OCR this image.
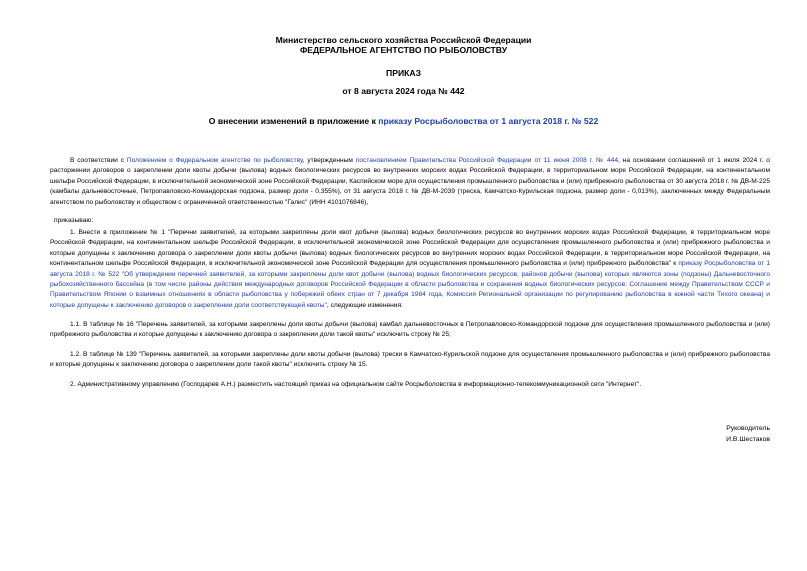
Министерство сельского хозяйства Российской Федерации
ФЕДЕРАЛЬНОЕ АГЕНТСТВО ПО РЫБОЛОВСТВУ
ПРИКАЗ
от 8 августа 2024 года № 442
О внесении изменений в приложение к приказу Росрыболовства от 1 августа 2018 г. № 522
В соответствии с Положением о Федеральном агентстве по рыболовству, утвержденным постановлением Правительства Российской Федерации от 11 июня 2008 г. № 444, на основании соглашений от 1 июля 2024 г. о расторжении договоров о закреплении доли квоты добычи (вылова) водных биологических ресурсов во внутренних морских водах Российской Федерации, в территориальном море Российской Федерации, на континентальном шельфе Российской Федерации, в исключительной экономической зоне Российской Федерации, Каспийском море для осуществления промышленного рыболовства и (или) прибрежного рыболовства от 30 августа 2018 г. № ДВ-М-225 (камбалы дальневосточные, Петропавловско-Командорская подзона, размер доли - 0,355%), от 31 августа 2018 г. № ДВ-М-2039 (треска, Камчатско-Курильская подзона, размер доли - 0,013%), заключенных между Федеральным агентством по рыболовству и обществом с ограниченной ответственностью "Галис" (ИНН 4101076846),
приказываю:
1. Внести в приложение № 1 "Перечни заявителей, за которыми закреплены доли квот добычи (вылова) водных биологических ресурсов во внутренних морских водах Российской Федерации, в территориальном море Российской Федерации, на континентальном шельфе Российской Федерации, в исключительной экономической зоне Российской Федерации для осуществления промышленного рыболовства и (или) прибрежного рыболовства и которые допущены к заключению договора о закреплении доли квоты добычи (вылова) водных биологических ресурсов во внутренних морских водах Российской Федерации, в территориальном море Российской Федерации, на континентальном шельфе Российской Федерации, в исключительной экономической зоне Российской Федерации для осуществления промышленного рыболовства и (или) прибрежного рыболовства" к приказу Росрыболовства от 1 августа 2018 г. № 522 "Об утверждении перечней заявителей, за которыми закреплены доли квот добычи (вылова) водных биологических ресурсов, районов добычи (вылова) которых являются зоны (подзоны) Дальневосточного рыбохозяйственного бассейна (в том числе районы действия международных договоров Российской Федерации в области рыболовства и сохранения водных биологических ресурсов: Соглашение между Правительством СССР и Правительством Японии о взаимных отношениях в области рыболовства у побережий обеих стран от 7 декабря 1984 года, Комиссия Региональной организации по регулированию рыболовства в южной части Тихого океана) и которые допущены к заключению договоров о закреплении доли соответствующей квоты", следующие изменения:
1.1. В таблице № 16 "Перечень заявителей, за которыми закреплены доли квоты добычи (вылова) камбал дальневосточных в Петропавловско-Командорской подзоне для осуществления промышленного рыболовства и (или) прибрежного рыболовства и которые допущены к заключению договора о закреплении доли такой квоты" исключить строку № 25;
1.2. В таблице № 139 "Перечень заявителей, за которыми закреплены доли квоты добычи (вылова) трески в Камчатско-Курильской подзоне для осуществления промышленного рыболовства и (или) прибрежного рыболовства и которые допущены к заключению договора о закреплении доли такой квоты" исключить строку № 15.
2. Административному управлению (Господарев А.Н.) разместить настоящий приказ на официальном сайте Росрыболовства в информационно-телекоммуникационной сети "Интернет".
Руководитель
И.В.Шестаков
